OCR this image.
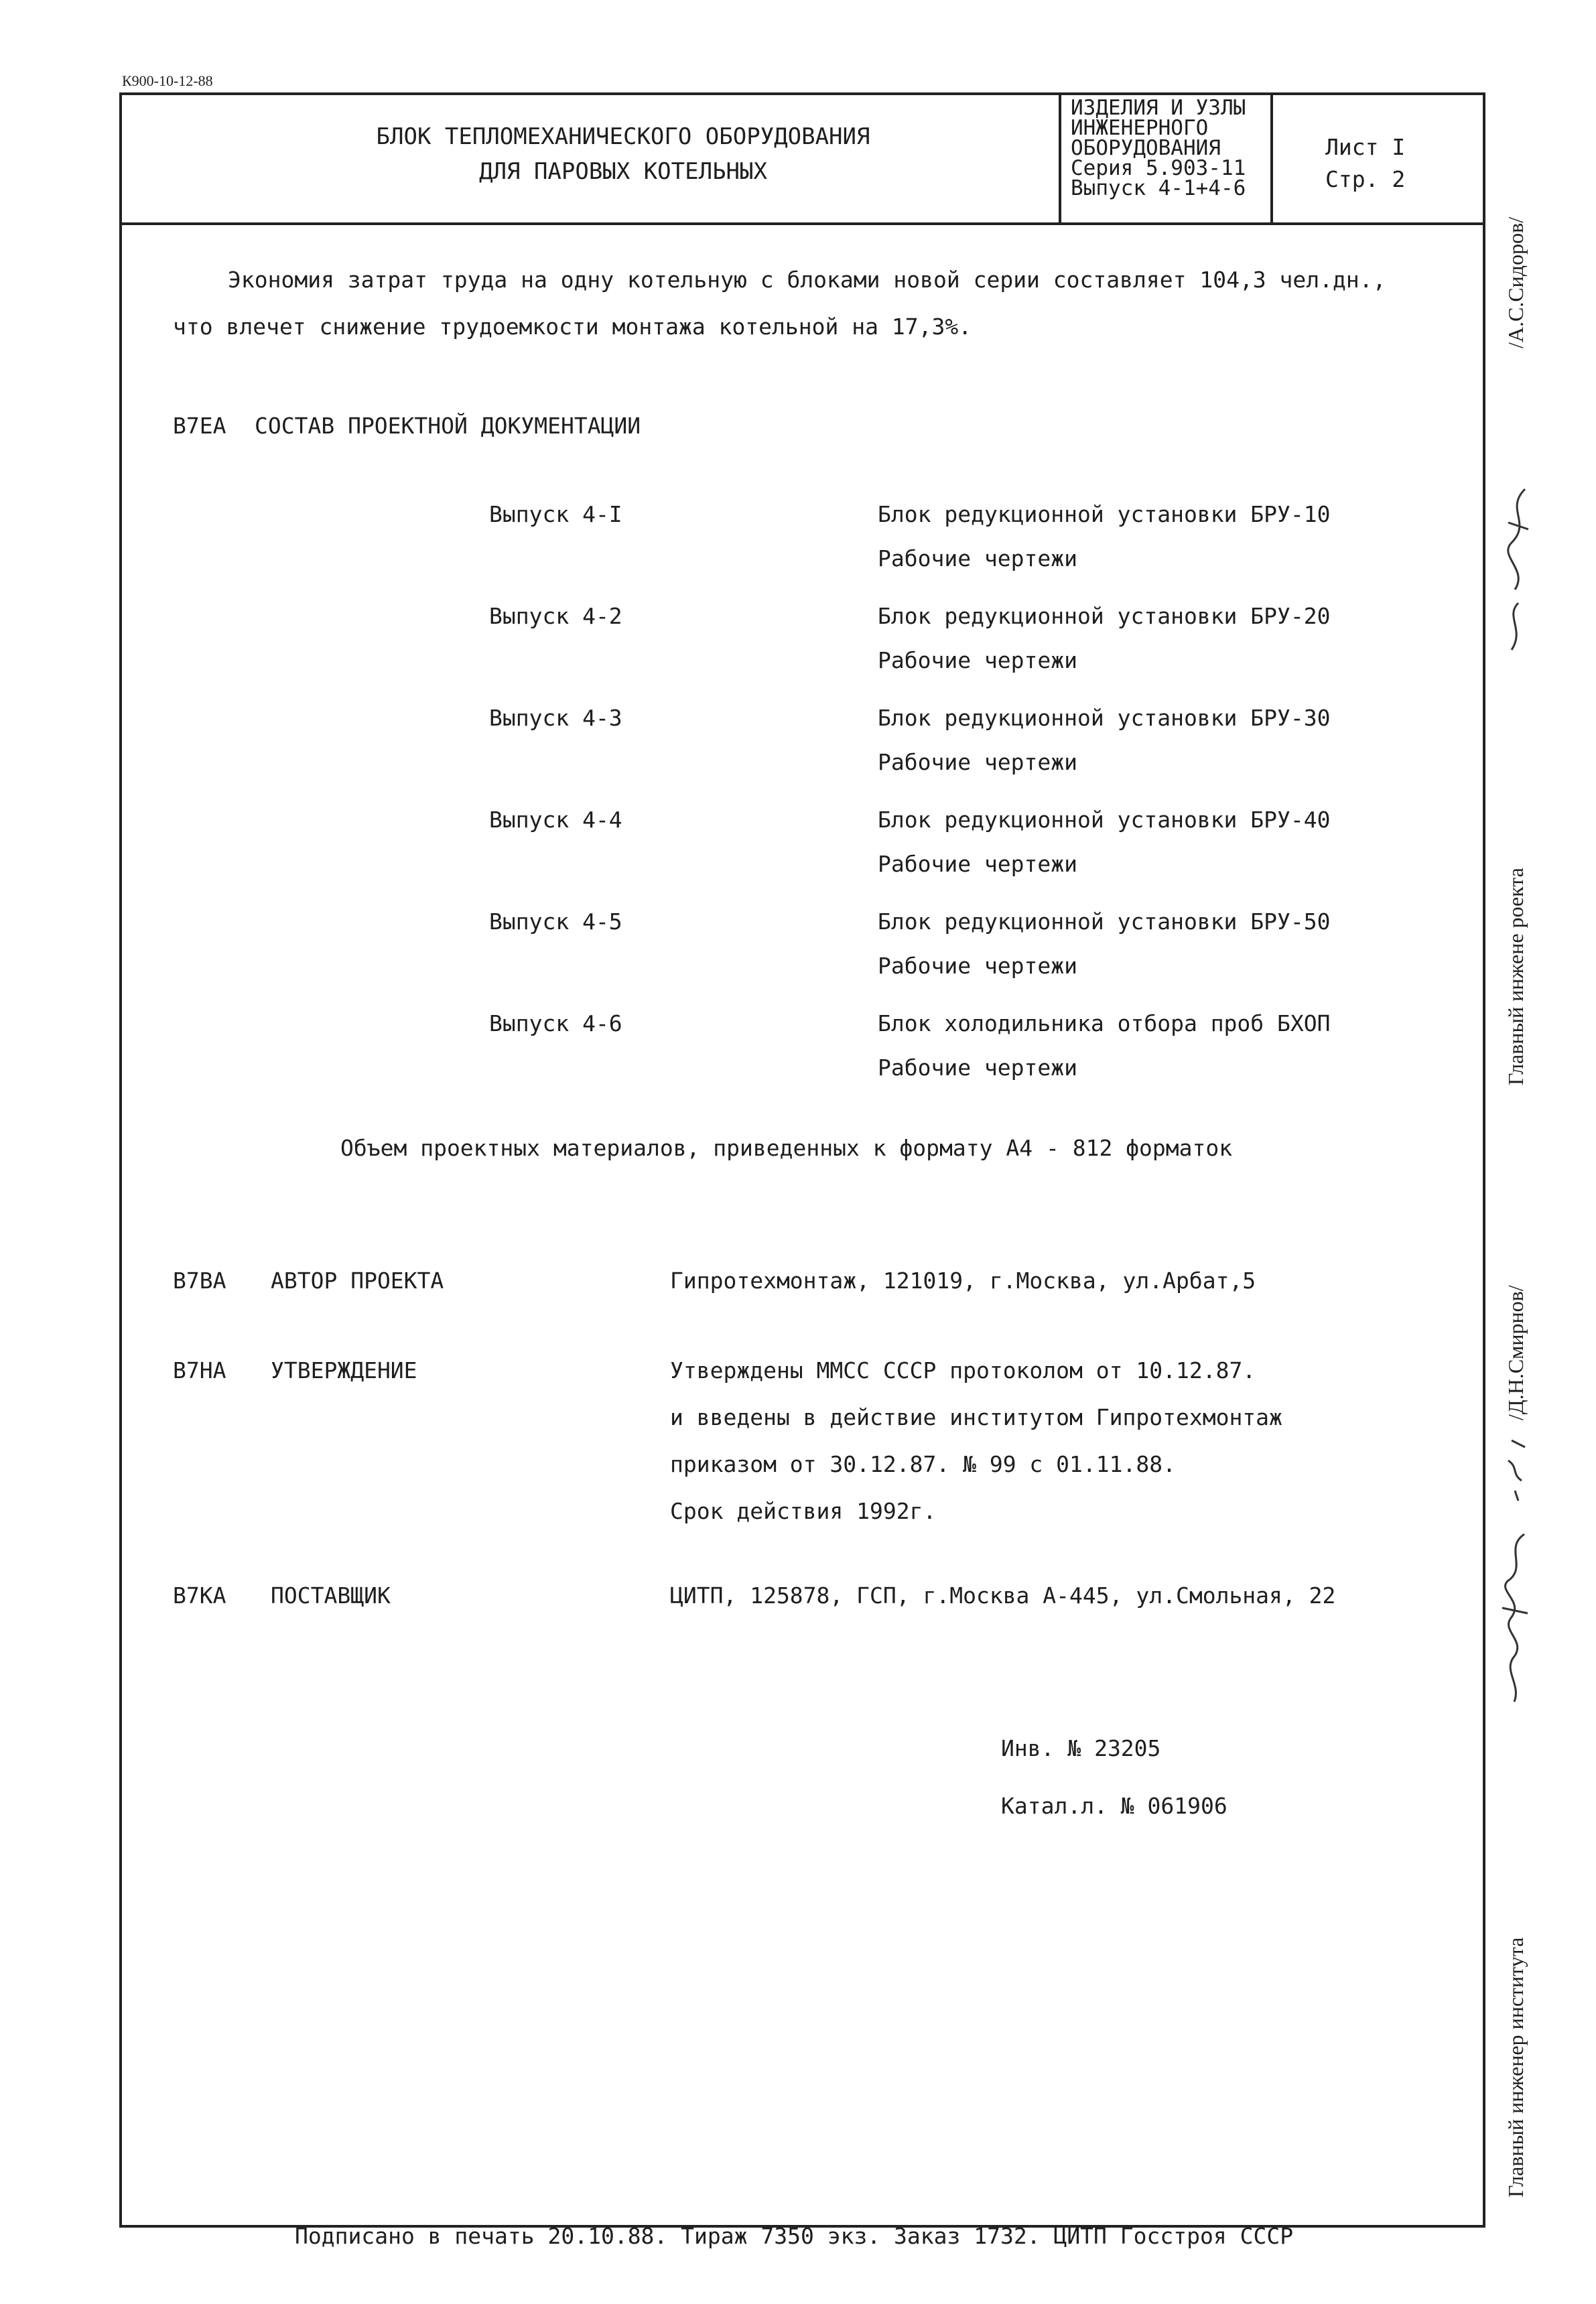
К900-10-12-88
БЛОК ТЕПЛОМЕХАНИЧЕСКОГО ОБОРУДОВАНИЯ
ДЛЯ ПАРОВЫХ КОТЕЛЬНЫХ
ИЗДЕЛИЯ И УЗЛЫ
ИНЖЕНЕРНОГО
ОБОРУДОВАНИЯ
Серия 5.903-11
Выпуск 4-1+4-6
Лист I
Стр. 2
Экономия затрат труда на одну котельную с блоками новой серии составляет 104,3 чел.дн.,
что влечет снижение трудоемкости монтажа котельной на 17,3%.
В7ЕА СОСТАВ ПРОЕКТНОЙ ДОКУМЕНТАЦИИ
Выпуск 4-I	Блок редукционной установки БРУ-10
Рабочие чертежи
Выпуск 4-2	Блок редукционной установки БРУ-20
Рабочие чертежи
Выпуск 4-3	Блок редукционной установки БРУ-30
Рабочие чертежи
Выпуск 4-4	Блок редукционной установки БРУ-40
Рабочие чертежи
Выпуск 4-5	Блок редукционной установки БРУ-50
Рабочие чертежи
Выпуск 4-6	Блок холодильника отбора проб БХОП
Рабочие чертежи
Объем проектных материалов, приведенных к формату А4 - 812 форматок
В7ВА АВТОР ПРОЕКТА	Гипротехмонтаж, 121019, г.Москва, ул.Арбат,5
В7НА УТВЕРЖДЕНИЕ	Утверждены ММСС СССР протоколом от 10.12.87.
и введены в действие институтом Гипротехмонтаж
приказом от 30.12.87. № 99 с 01.11.88.
Срок действия 1992г.
В7КА ПОСТАВЩИК	ЦИТП, 125878, ГСП, г.Москва А-445, ул.Смольная, 22
Инв. № 23205
Катал.л. № 061906
/А.С.Сидоров/
Главный инжене роекта
/Д.Н.Смирнов/
Главный инженер института
Подписано в печать 20.10.88. Тираж 7350 экз. Заказ 1732. ЦИТП Госстроя СССР
